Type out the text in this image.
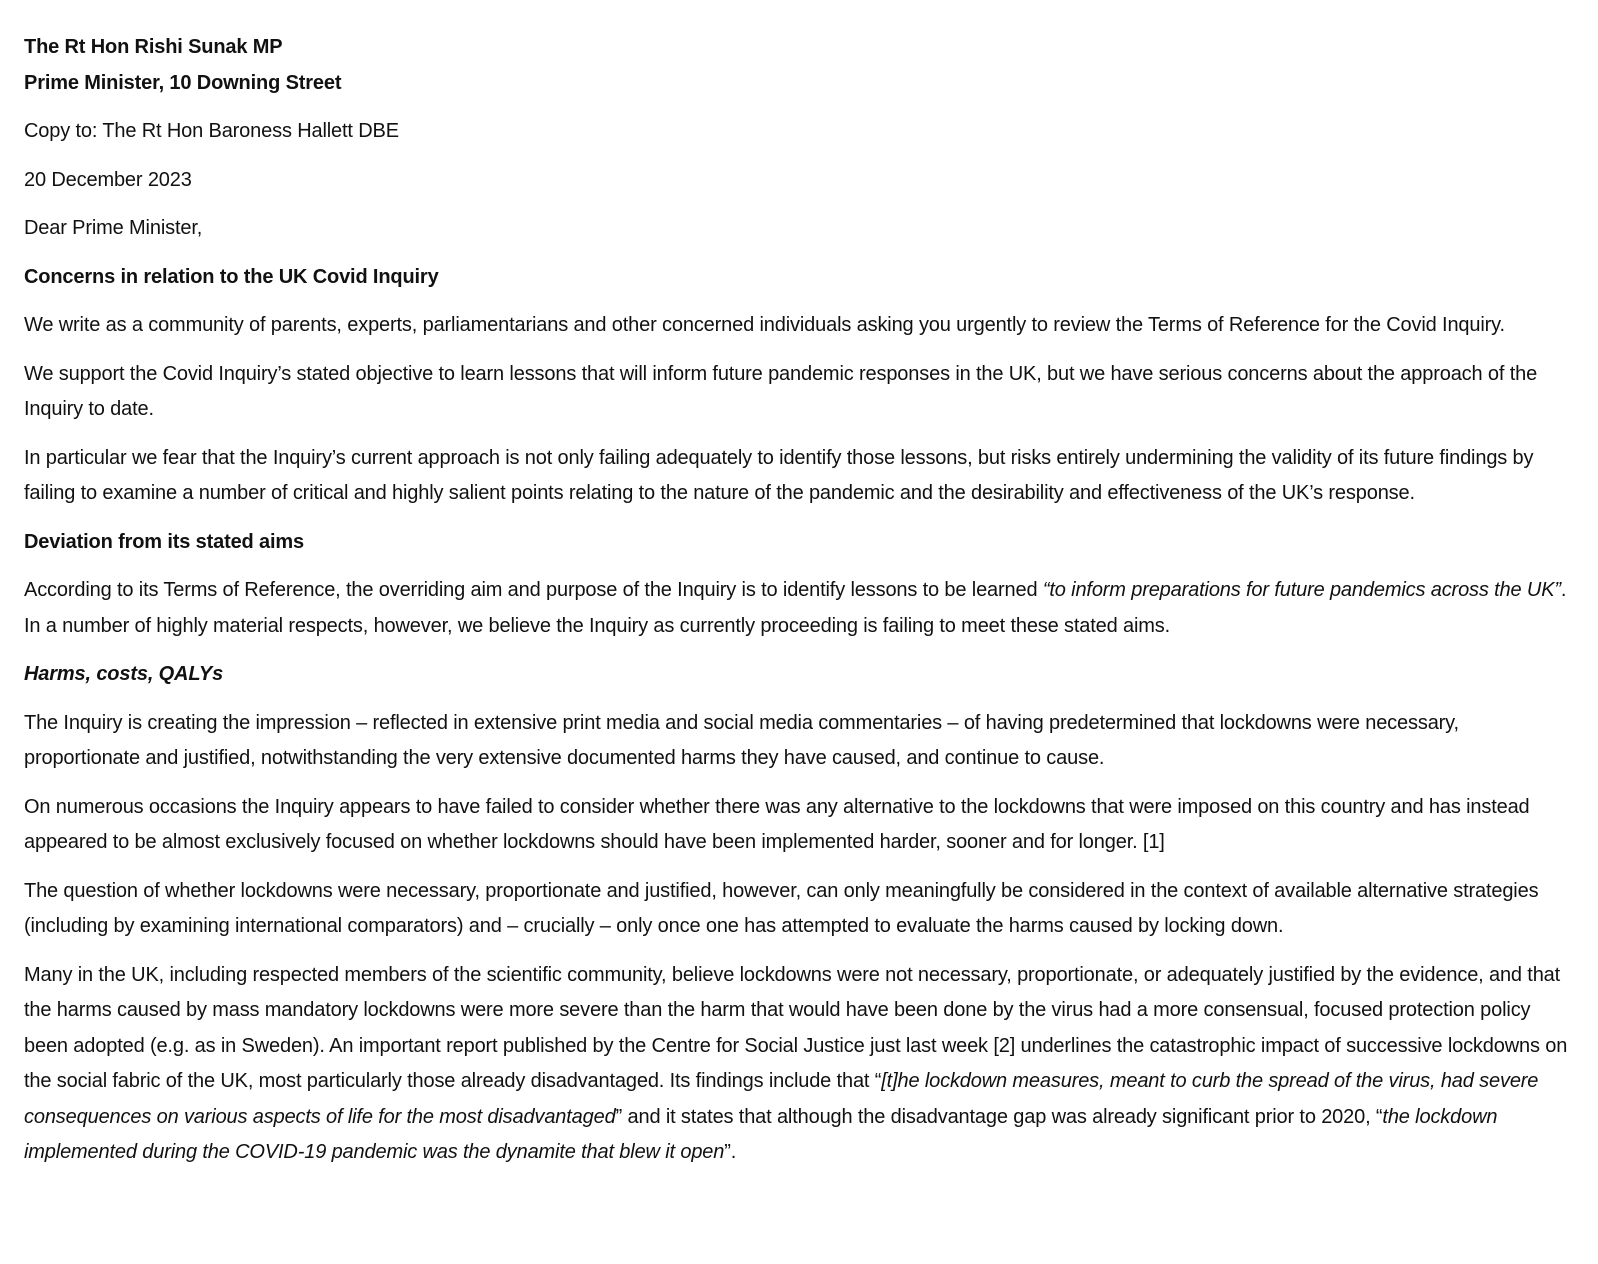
The Rt Hon Rishi Sunak MP

Prime Minister, 10 Downing Street

Copy to: The Rt Hon Baroness Hallett DBE

20 December 2023

Dear Prime Minister,

Concerns in relation to the UK Covid Inquiry

We write as a community of parents, experts, parliamentarians and other concerned individuals asking you urgently to review the Terms of Reference for the Covid Inquiry.

We support the Covid Inquiry’s stated objective to learn lessons that will inform future pandemic responses in the UK, but we have serious concerns about the approach of the Inquiry to date.

In particular we fear that the Inquiry’s current approach is not only failing adequately to identify those lessons, but risks entirely undermining the validity of its future findings by failing to examine a number of critical and highly salient points relating to the nature of the pandemic and the desirability and effectiveness of the UK’s response.

Deviation from its stated aims

According to its Terms of Reference, the overriding aim and purpose of the Inquiry is to identify lessons to be learned “to inform preparations for future pandemics across the UK”. In a number of highly material respects, however, we believe the Inquiry as currently proceeding is failing to meet these stated aims.

Harms, costs, QALYs

The Inquiry is creating the impression – reflected in extensive print media and social media commentaries – of having predetermined that lockdowns were necessary, proportionate and justified, notwithstanding the very extensive documented harms they have caused, and continue to cause.

On numerous occasions the Inquiry appears to have failed to consider whether there was any alternative to the lockdowns that were imposed on this country and has instead appeared to be almost exclusively focused on whether lockdowns should have been implemented harder, sooner and for longer. [1]

The question of whether lockdowns were necessary, proportionate and justified, however, can only meaningfully be considered in the context of available alternative strategies (including by examining international comparators) and – crucially – only once one has attempted to evaluate the harms caused by locking down.

Many in the UK, including respected members of the scientific community, believe lockdowns were not necessary, proportionate, or adequately justified by the evidence, and that the harms caused by mass mandatory lockdowns were more severe than the harm that would have been done by the virus had a more consensual, focused protection policy been adopted (e.g. as in Sweden). An important report published by the Centre for Social Justice just last week [2] underlines the catastrophic impact of successive lockdowns on the social fabric of the UK, most particularly those already disadvantaged. Its findings include that “[t]he lockdown measures, meant to curb the spread of the virus, had severe consequences on various aspects of life for the most disadvantaged” and it states that although the disadvantage gap was already significant prior to 2020, “the lockdown implemented during the COVID-19 pandemic was the dynamite that blew it open”.
